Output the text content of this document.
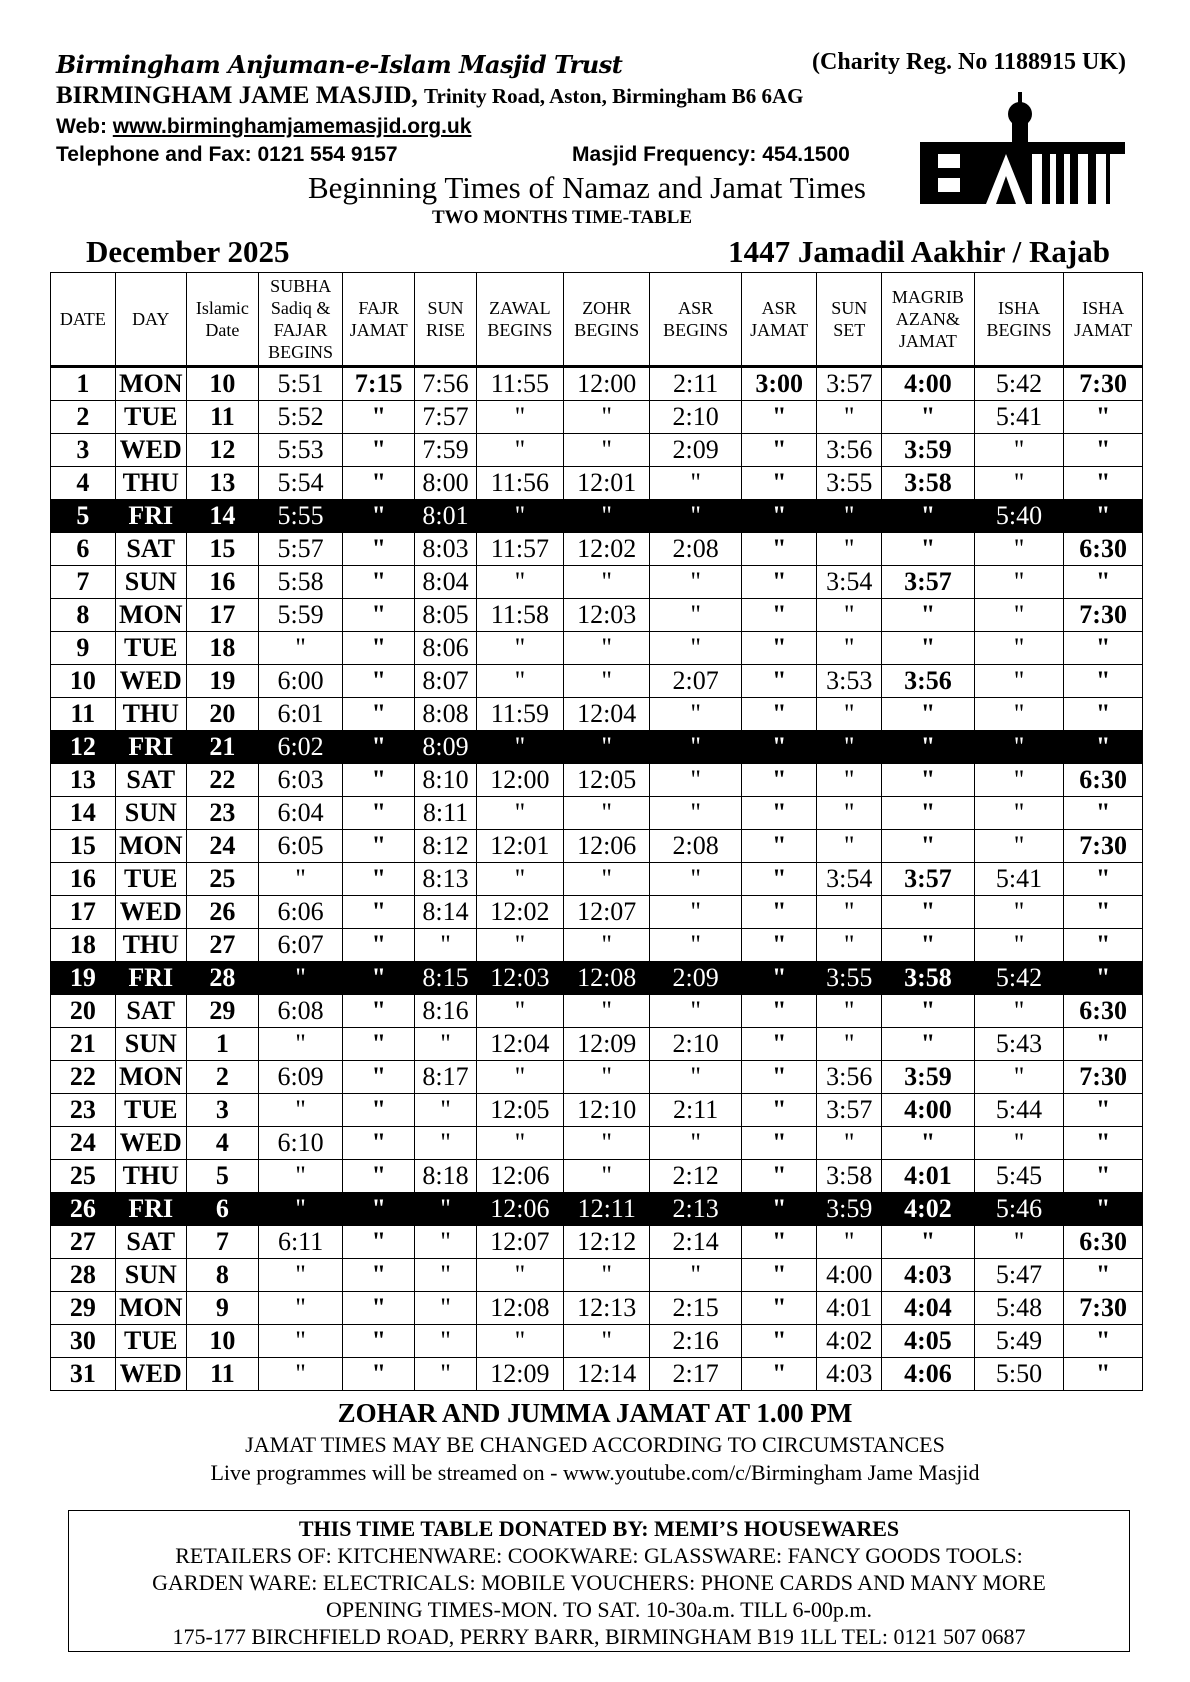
Birmingham Anjuman-e-Islam Masjid Trust	(Charity Reg. No 1188915 UK)
BIRMINGHAM JAME MASJID, Trinity Road, Aston, Birmingham B6 6AG
Web: www.birminghamjamemasjid.org.uk
Telephone and Fax: 0121 554 9157	Masjid Frequency: 454.1500
Beginning Times of Namaz and Jamat Times
TWO MONTHS TIME-TABLE
December 2025	1447 Jamadil Aakhir / Rajab
DATE	DAY	Islamic Date	SUBHA Sadiq & FAJAR BEGINS	FAJR JAMAT	SUN RISE	ZAWAL BEGINS	ZOHR BEGINS	ASR BEGINS	ASR JAMAT	SUN SET	MAGRIB AZAN& JAMAT	ISHA BEGINS	ISHA JAMAT
1	MON	10	5:51	7:15	7:56	11:55	12:00	2:11	3:00	3:57	4:00	5:42	7:30
2	TUE	11	5:52	"	7:57	"	"	2:10	"	"	"	5:41	"
3	WED	12	5:53	"	7:59	"	"	2:09	"	3:56	3:59	"	"
4	THU	13	5:54	"	8:00	11:56	12:01	"	"	3:55	3:58	"	"
5	FRI	14	5:55	"	8:01	"	"	"	"	"	"	5:40	"
6	SAT	15	5:57	"	8:03	11:57	12:02	2:08	"	"	"	"	6:30
7	SUN	16	5:58	"	8:04	"	"	"	"	3:54	3:57	"	"
8	MON	17	5:59	"	8:05	11:58	12:03	"	"	"	"	"	7:30
9	TUE	18	"	"	8:06	"	"	"	"	"	"	"	"
10	WED	19	6:00	"	8:07	"	"	2:07	"	3:53	3:56	"	"
11	THU	20	6:01	"	8:08	11:59	12:04	"	"	"	"	"	"
12	FRI	21	6:02	"	8:09	"	"	"	"	"	"	"	"
13	SAT	22	6:03	"	8:10	12:00	12:05	"	"	"	"	"	6:30
14	SUN	23	6:04	"	8:11	"	"	"	"	"	"	"	"
15	MON	24	6:05	"	8:12	12:01	12:06	2:08	"	"	"	"	7:30
16	TUE	25	"	"	8:13	"	"	"	"	3:54	3:57	5:41	"
17	WED	26	6:06	"	8:14	12:02	12:07	"	"	"	"	"	"
18	THU	27	6:07	"	"	"	"	"	"	"	"	"	"
19	FRI	28	"	"	8:15	12:03	12:08	2:09	"	3:55	3:58	5:42	"
20	SAT	29	6:08	"	8:16	"	"	"	"	"	"	"	6:30
21	SUN	1	"	"	"	12:04	12:09	2:10	"	"	"	5:43	"
22	MON	2	6:09	"	8:17	"	"	"	"	3:56	3:59	"	7:30
23	TUE	3	"	"	"	12:05	12:10	2:11	"	3:57	4:00	5:44	"
24	WED	4	6:10	"	"	"	"	"	"	"	"	"	"
25	THU	5	"	"	8:18	12:06	"	2:12	"	3:58	4:01	5:45	"
26	FRI	6	"	"	"	12:06	12:11	2:13	"	3:59	4:02	5:46	"
27	SAT	7	6:11	"	"	12:07	12:12	2:14	"	"	"	"	6:30
28	SUN	8	"	"	"	"	"	"	"	4:00	4:03	5:47	"
29	MON	9	"	"	"	12:08	12:13	2:15	"	4:01	4:04	5:48	7:30
30	TUE	10	"	"	"	"	"	2:16	"	4:02	4:05	5:49	"
31	WED	11	"	"	"	12:09	12:14	2:17	"	4:03	4:06	5:50	"
ZOHAR AND JUMMA JAMAT AT 1.00 PM
JAMAT TIMES MAY BE CHANGED ACCORDING TO CIRCUMSTANCES
Live programmes will be streamed on - www.youtube.com/c/Birmingham Jame Masjid
THIS TIME TABLE DONATED BY: MEMI’S HOUSEWARES
RETAILERS OF: KITCHENWARE: COOKWARE: GLASSWARE: FANCY GOODS TOOLS:
GARDEN WARE: ELECTRICALS: MOBILE VOUCHERS: PHONE CARDS AND MANY MORE
OPENING TIMES-MON. TO SAT. 10-30a.m. TILL 6-00p.m.
175-177 BIRCHFIELD ROAD, PERRY BARR, BIRMINGHAM B19 1LL TEL: 0121 507 0687
